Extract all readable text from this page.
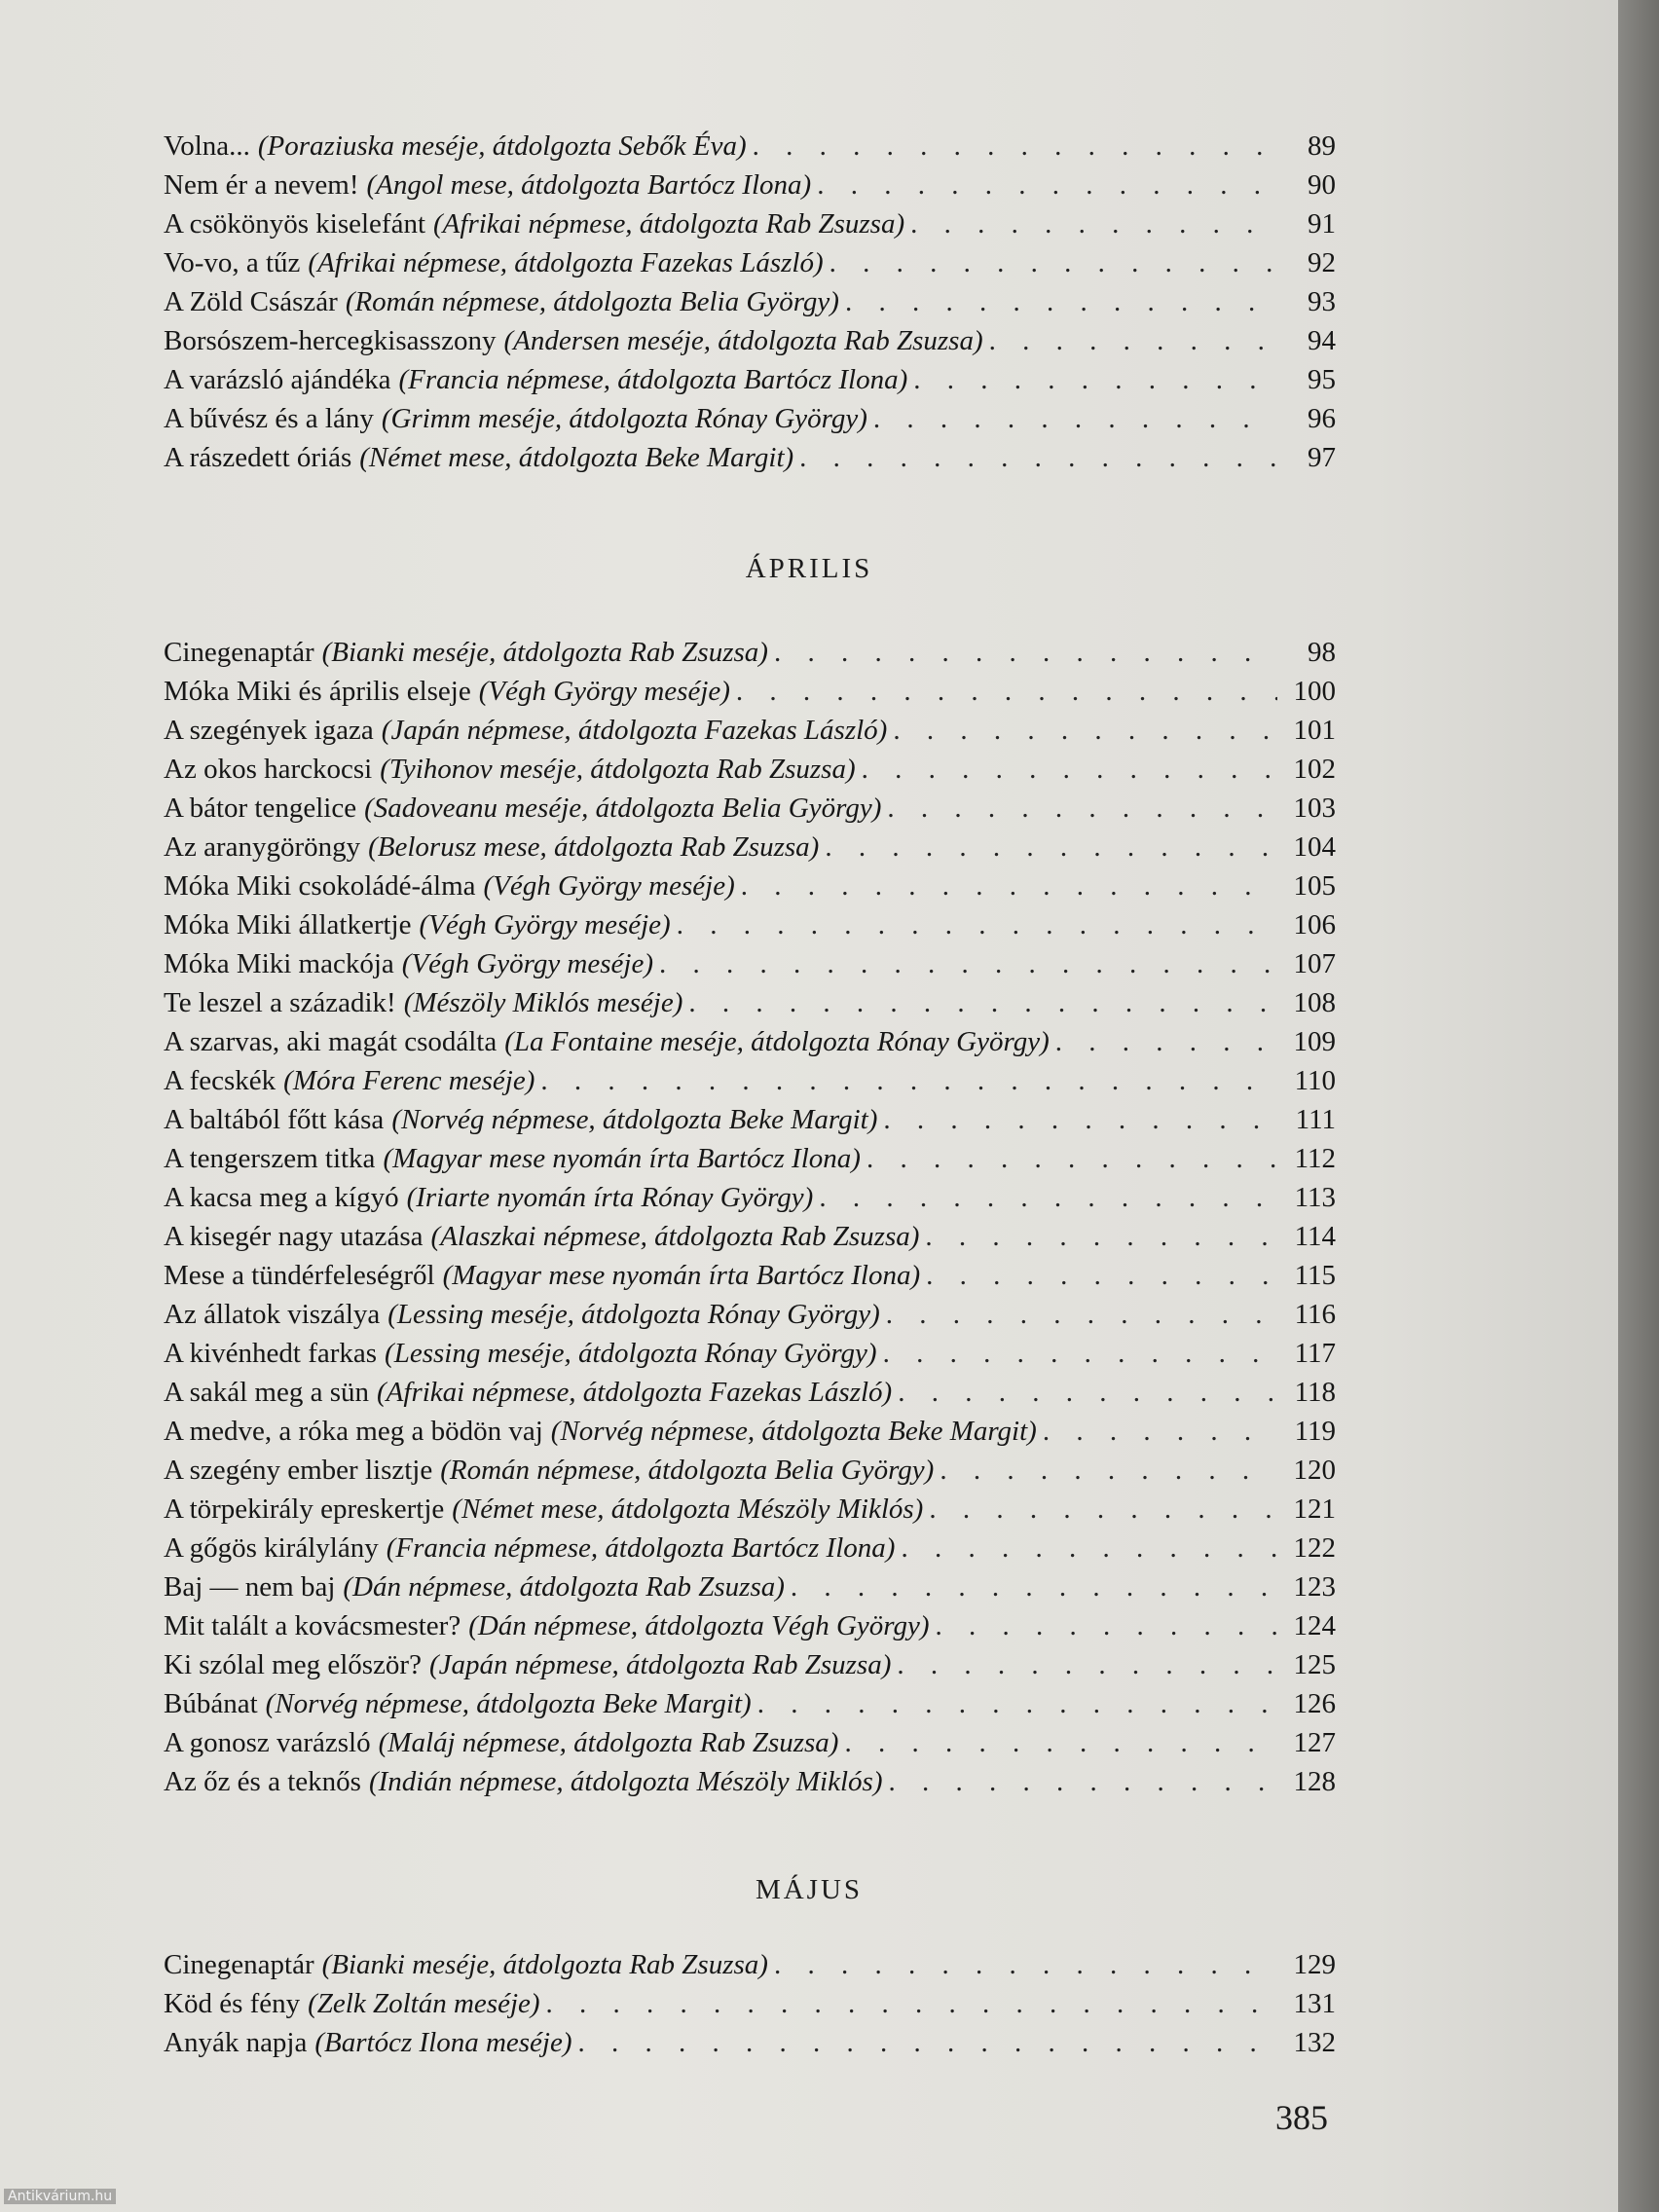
Volna... (Poraziuska meséje, átdolgozta Sebők Éva) . . .	89
Nem ér a nevem! (Angol mese, átdolgozta Bartócz Ilona) . . .	90
A csökönyös kiselefánt (Afrikai népmese, átdolgozta Rab Zsuzsa) . . .	91
Vo-vo, a tűz (Afrikai népmese, átdolgozta Fazekas László) . . .	92
A Zöld Császár (Román népmese, átdolgozta Belia György) . . .	93
Borsószem-hercegkisasszony (Andersen meséje, átdolgozta Rab Zsuzsa) . . .	94
A varázsló ajándéka (Francia népmese, átdolgozta Bartócz Ilona) . . .	95
A bűvész és a lány (Grimm meséje, átdolgozta Rónay György) . . .	96
A rászedett óriás (Német mese, átdolgozta Beke Margit) . . .	97
ÁPRILIS
Cinegenaptár (Bianki meséje, átdolgozta Rab Zsuzsa) . . .	98
Móka Miki és április elseje (Végh György meséje) . . .	100
A szegények igaza (Japán népmese, átdolgozta Fazekas László) . . .	101
Az okos harckocsi (Tyihonov meséje, átdolgozta Rab Zsuzsa) . . .	102
A bátor tengelice (Sadoveanu meséje, átdolgozta Belia György) . . .	103
Az aranygöröngy (Belorusz mese, átdolgozta Rab Zsuzsa) . . .	104
Móka Miki csokoládé-álma (Végh György meséje) . . .	105
Móka Miki állatkertje (Végh György meséje) . . .	106
Móka Miki mackója (Végh György meséje) . . .	107
Te leszel a századik! (Mészöly Miklós meséje) . . .	108
A szarvas, aki magát csodálta (La Fontaine meséje, átdolgozta Rónay György) . . .	109
A fecskék (Móra Ferenc meséje) . . .	110
A baltából főtt kása (Norvég népmese, átdolgozta Beke Margit) . . .	111
A tengerszem titka (Magyar mese nyomán írta Bartócz Ilona) . . .	112
A kacsa meg a kígyó (Iriarte nyomán írta Rónay György) . . .	113
A kisegér nagy utazása (Alaszkai népmese, átdolgozta Rab Zsuzsa) . . .	114
Mese a tündérfeleségről (Magyar mese nyomán írta Bartócz Ilona) . . .	115
Az állatok viszálya (Lessing meséje, átdolgozta Rónay György) . . .	116
A kivénhedt farkas (Lessing meséje, átdolgozta Rónay György) . . .	117
A sakál meg a sün (Afrikai népmese, átdolgozta Fazekas László) . . .	118
A medve, a róka meg a bödön vaj (Norvég népmese, átdolgozta Beke Margit) . . .	119
A szegény ember lisztje (Román népmese, átdolgozta Belia György) . . .	120
A törpekirály epreskertje (Német mese, átdolgozta Mészöly Miklós) . . .	121
A gőgös királylány (Francia népmese, átdolgozta Bartócz Ilona) . . .	122
Baj — nem baj (Dán népmese, átdolgozta Rab Zsuzsa) . . .	123
Mit talált a kovácsmester? (Dán népmese, átdolgozta Végh György) . . .	124
Ki szólal meg először? (Japán népmese, átdolgozta Rab Zsuzsa) . . .	125
Búbánat (Norvég népmese, átdolgozta Beke Margit) . . .	126
A gonosz varázsló (Maláj népmese, átdolgozta Rab Zsuzsa) . . .	127
Az őz és a teknős (Indián népmese, átdolgozta Mészöly Miklós) . . .	128
MÁJUS
Cinegenaptár (Bianki meséje, átdolgozta Rab Zsuzsa) . . .	129
Köd és fény (Zelk Zoltán meséje) . . .	131
Anyák napja (Bartócz Ilona meséje) . . .	132
385
Antikvárium.hu
